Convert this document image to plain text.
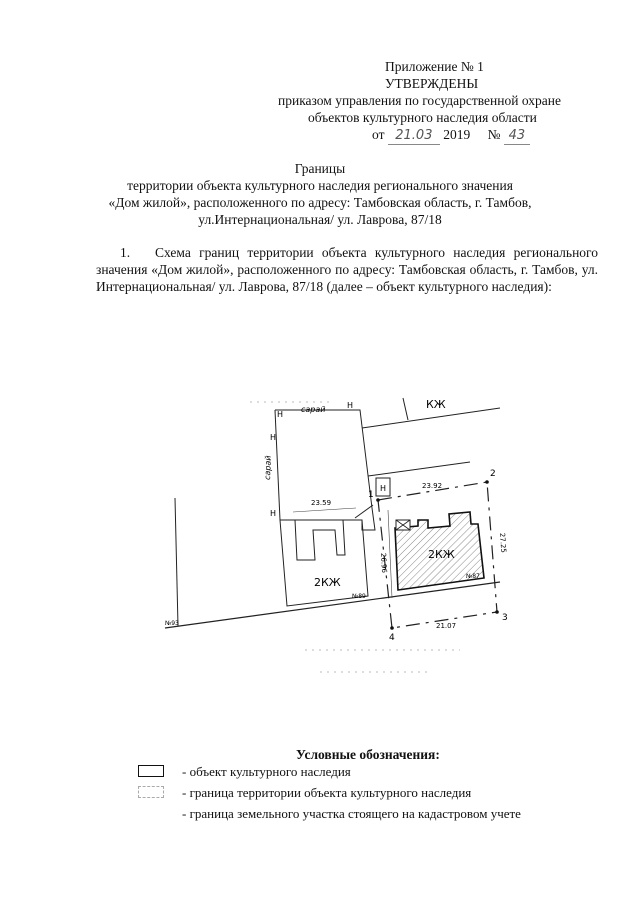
Приложение № 1
УТВЕРЖДЕНЫ
приказом управления по государственной охране
объектов культурного наследия области
от 21.03 2019 № 43
Границы
территории объекта культурного наследия регионального значения
«Дом жилой», расположенного по адресу: Тамбовская область, г. Тамбов,
ул.Интернациональная/ ул. Лаврова, 87/18
1.   Схема границ территории объекта культурного наследия регионального значения «Дом жилой», расположенного по адресу: Тамбовская область, г. Тамбов, ул. Интернациональная/ ул. Лаврова, 87/18 (далее – объект культурного наследия):
КЖ
сарай
Н
Н
Н
Н
Н
сарай
2КЖ
2КЖ
23.92
23.59
27.25
21.07
26.96
№87
№89
№93
1
2
3
4
Условные обозначения:
- объект культурного наследия
- граница территории объекта культурного наследия
- граница земельного участка стоящего на кадастровом учете
